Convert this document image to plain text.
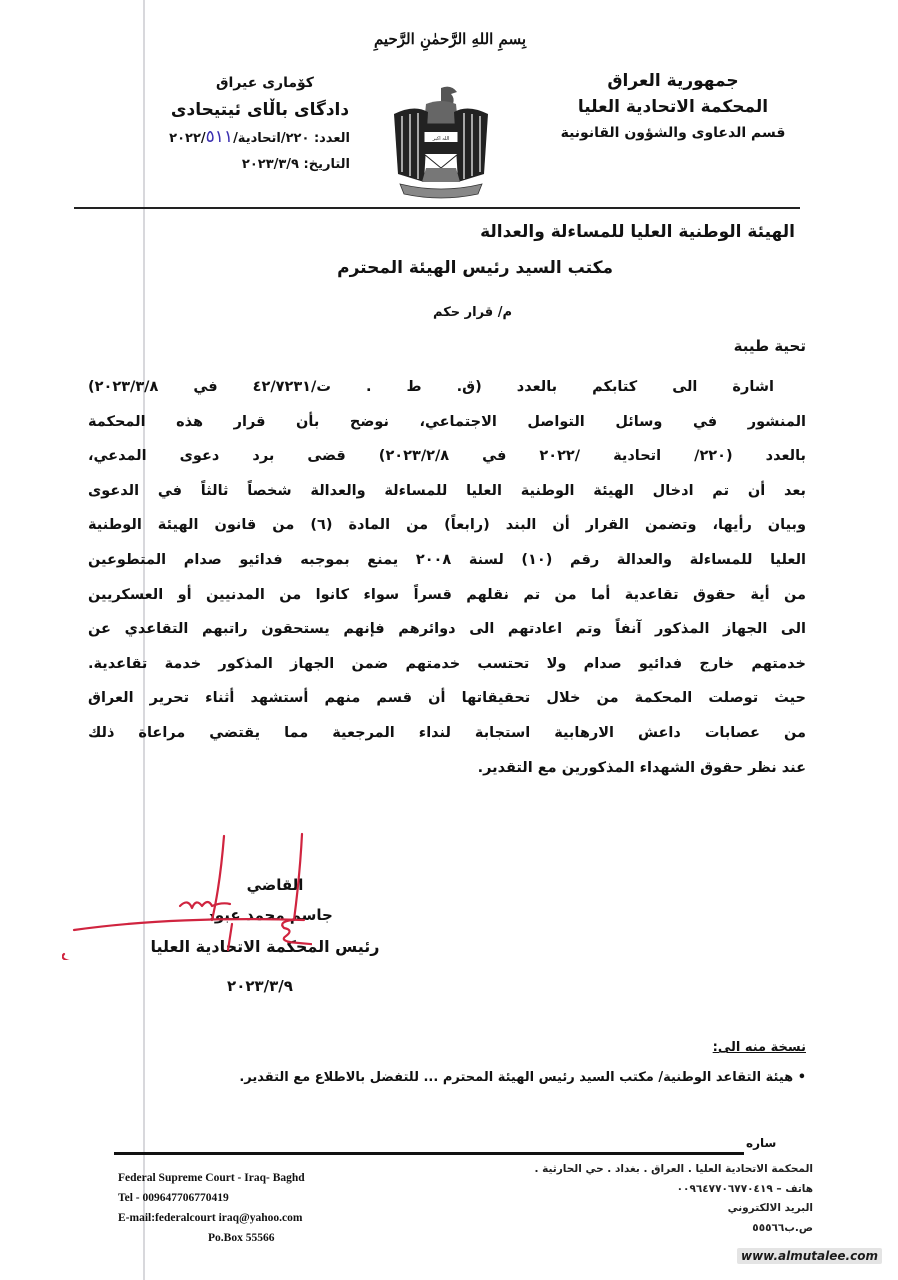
بِسمِ اللهِ الرَّحمٰنِ الرَّحيمِ
جمهورية العراق
المحكمة الاتحادية العليا
قسم الدعاوى والشؤون القانونية
الله اكبر
كۆماری عیراق
دادگای باڵای ئیتیحادی
العدد: ٢٢٠/اتحادية/٢٠٢٢/٥١١
التاريخ: ٢٠٢٣/٣/٩
الهيئة الوطنية العليا للمساءلة والعدالة
مكتب السيد رئيس الهيئة المحترم
م/ قرار حكم
تحية طيبة
اشارة الى كتابكم بالعدد (ق. ط . ت/٤٢/٧٢٣١ في ٢٠٢٣/٣/٨)
المنشور في وسائل التواصل الاجتماعي، نوضح بأن قرار هذه المحكمة
بالعدد (٢٢٠/ اتحادية /٢٠٢٢ في ٢٠٢٣/٢/٨) قضى برد دعوى المدعي،
بعد أن تم ادخال الهيئة الوطنية العليا للمساءلة والعدالة شخصاً ثالثاً في الدعوى
وبيان رأيها، وتضمن القرار أن البند (رابعاً) من المادة (٦) من قانون الهيئة الوطنية
العليا للمساءلة والعدالة رقم (١٠) لسنة ٢٠٠٨ يمنع بموجبه فدائيو صدام المتطوعين
من أية حقوق تقاعدية أما من تم نقلهم قسراً سواء كانوا من المدنيين أو العسكريين
الى الجهاز المذكور آنفاً وتم اعادتهم الى دوائرهم فإنهم يستحقون راتبهم التقاعدي عن
خدمتهم خارج فدائيو صدام ولا تحتسب خدمتهم ضمن الجهاز المذكور خدمة تقاعدية.
حيث توصلت المحكمة من خلال تحقيقاتها أن قسم منهم أستشهد أثناء تحرير العراق
من عصابات داعش الارهابية استجابة لنداء المرجعية مما يقتضي مراعاة ذلك
عند نظر حقوق الشهداء المذكورين مع التقدير.
القاضي
جاسم محمد عبود
رئيس المحكمة الاتحادية العليا
٢٠٢٣/٣/٩
نسخة منه الى:
• هيئة التقاعد الوطنية/ مكتب السيد رئيس الهيئة المحترم ... للتفضل بالاطلاع مع التقدير.
ساره
Federal Supreme Court - Iraq- Baghd
Tel - 009647706770419
E-mail:federalcourt iraq@yahoo.com
Po.Box 55566
المحكمة الاتحادية العليا . العراق . بغداد . حي الحارثية .
هاتف – ٠٠٩٦٤٧٧٠٦٧٧٠٤١٩
البريد الالكتروني
ص.ب٥٥٥٦٦
www.almutalee.com
